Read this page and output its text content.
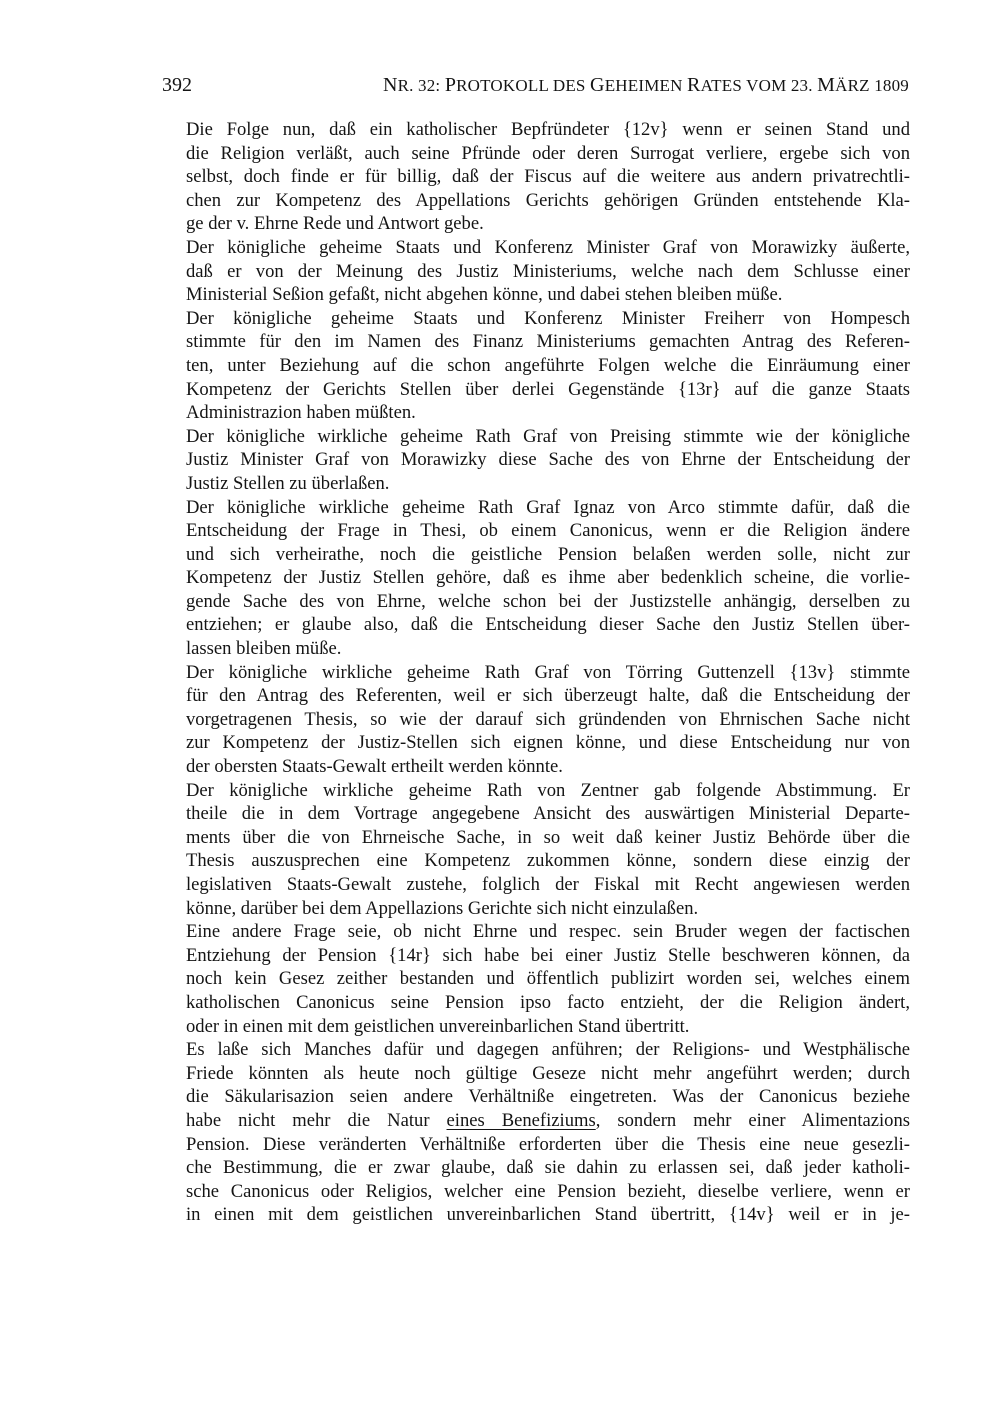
392	NR. 32: PROTOKOLL DES GEHEIMEN RATES VOM 23. MÄRZ 1809
Die Folge nun, daß ein katholischer Bepfründeter {12v} wenn er seinen Stand und
die Religion verläßt, auch seine Pfründe oder deren Surrogat verliere, ergebe sich von
selbst, doch finde er für billig, daß der Fiscus auf die weitere aus andern privatrechtli-
chen zur Kompetenz des Appellations Gerichts gehörigen Gründen entstehende Kla-
ge der v. Ehrne Rede und Antwort gebe.
Der königliche geheime Staats und Konferenz Minister Graf von Morawizky äußerte,
daß er von der Meinung des Justiz Ministeriums, welche nach dem Schlusse einer
Ministerial Seßion gefaßt, nicht abgehen könne, und dabei stehen bleiben müße.
Der königliche geheime Staats und Konferenz Minister Freiherr von Hompesch
stimmte für den im Namen des Finanz Ministeriums gemachten Antrag des Referen-
ten, unter Beziehung auf die schon angeführte Folgen welche die Einräumung einer
Kompetenz der Gerichts Stellen über derlei Gegenstände {13r} auf die ganze Staats
Administrazion haben müßten.
Der königliche wirkliche geheime Rath Graf von Preising stimmte wie der königliche
Justiz Minister Graf von Morawizky diese Sache des von Ehrne der Entscheidung der
Justiz Stellen zu überlaßen.
Der königliche wirkliche geheime Rath Graf Ignaz von Arco stimmte dafür, daß die
Entscheidung der Frage in Thesi, ob einem Canonicus, wenn er die Religion ändere
und sich verheirathe, noch die geistliche Pension belaßen werden solle, nicht zur
Kompetenz der Justiz Stellen gehöre, daß es ihme aber bedenklich scheine, die vorlie-
gende Sache des von Ehrne, welche schon bei der Justizstelle anhängig, derselben zu
entziehen; er glaube also, daß die Entscheidung dieser Sache den Justiz Stellen über-
lassen bleiben müße.
Der königliche wirkliche geheime Rath Graf von Törring Guttenzell {13v} stimmte
für den Antrag des Referenten, weil er sich überzeugt halte, daß die Entscheidung der
vorgetragenen Thesis, so wie der darauf sich gründenden von Ehrnischen Sache nicht
zur Kompetenz der Justiz-Stellen sich eignen könne, und diese Entscheidung nur von
der obersten Staats-Gewalt ertheilt werden könnte.
Der königliche wirkliche geheime Rath von Zentner gab folgende Abstimmung. Er
theile die in dem Vortrage angegebene Ansicht des auswärtigen Ministerial Departe-
ments über die von Ehrneische Sache, in so weit daß keiner Justiz Behörde über die
Thesis auszusprechen eine Kompetenz zukommen könne, sondern diese einzig der
legislativen Staats-Gewalt zustehe, folglich der Fiskal mit Recht angewiesen werden
könne, darüber bei dem Appellazions Gerichte sich nicht einzulaßen.
Eine andere Frage seie, ob nicht Ehrne und respec. sein Bruder wegen der factischen
Entziehung der Pension {14r} sich habe bei einer Justiz Stelle beschweren können, da
noch kein Gesez zeither bestanden und öffentlich publizirt worden sei, welches einem
katholischen Canonicus seine Pension ipso facto entzieht, der die Religion ändert,
oder in einen mit dem geistlichen unvereinbarlichen Stand übertritt.
Es laße sich Manches dafür und dagegen anführen; der Religions- und Westphälische
Friede könnten als heute noch gültige Geseze nicht mehr angeführt werden; durch
die Säkularisazion seien andere Verhältniße eingetreten. Was der Canonicus beziehe
habe nicht mehr die Natur eines Benefiziums, sondern mehr einer Alimentazions
Pension. Diese veränderten Verhältniße erforderten über die Thesis eine neue gesezli-
che Bestimmung, die er zwar glaube, daß sie dahin zu erlassen sei, daß jeder katholi-
sche Canonicus oder Religios, welcher eine Pension bezieht, dieselbe verliere, wenn er
in einen mit dem geistlichen unvereinbarlichen Stand übertritt, {14v} weil er in je-
